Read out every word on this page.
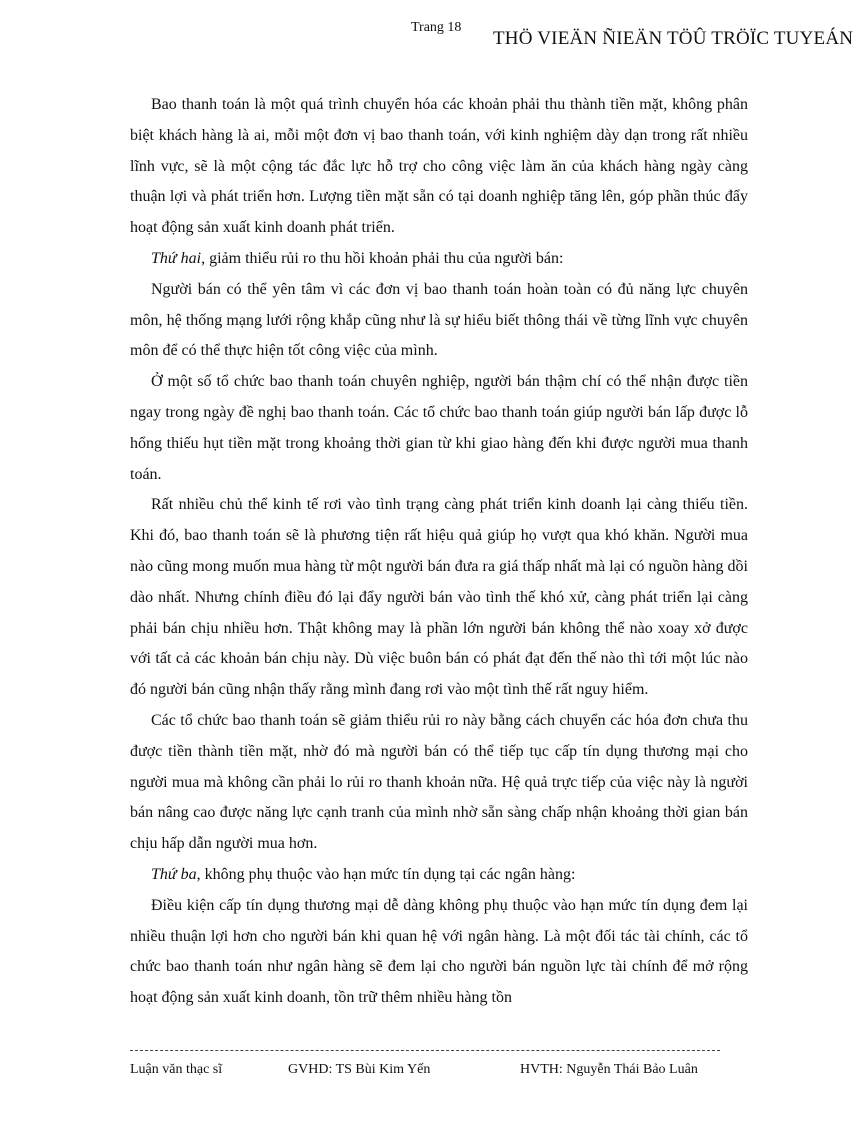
Trang 18
THÖ VIEÄN ÑIEÄN TÖÛ TRÖÏC TUYEÁN

Bao thanh toán là một quá trình chuyển hóa các khoản phải thu thành tiền mặt, không phân biệt khách hàng là ai, mỗi một đơn vị bao thanh toán, với kinh nghiệm dày dạn trong rất nhiều lĩnh vực, sẽ là một cộng tác đắc lực hỗ trợ cho công việc làm ăn của khách hàng ngày càng thuận lợi và phát triển hơn. Lượng tiền mặt sẵn có tại doanh nghiệp tăng lên, góp phần thúc đẩy hoạt động sản xuất kinh doanh phát triển.

Thứ hai, giảm thiểu rủi ro thu hồi khoản phải thu của người bán:

Người bán có thể yên tâm vì các đơn vị bao thanh toán hoàn toàn có đủ năng lực chuyên môn, hệ thống mạng lưới rộng khắp cũng như là sự hiểu biết thông thái về từng lĩnh vực chuyên môn để có thể thực hiện tốt công việc của mình.

Ở một số tổ chức bao thanh toán chuyên nghiệp, người bán thậm chí có thể nhận được tiền ngay trong ngày đề nghị bao thanh toán. Các tổ chức bao thanh toán giúp người bán lấp được lỗ hổng thiếu hụt tiền mặt trong khoảng thời gian từ khi giao hàng đến khi được người mua thanh toán.

Rất nhiều chủ thể kinh tế rơi vào tình trạng càng phát triển kinh doanh lại càng thiếu tiền. Khi đó, bao thanh toán sẽ là phương tiện rất hiệu quả giúp họ vượt qua khó khăn. Người mua nào cũng mong muốn mua hàng từ một người bán đưa ra giá thấp nhất mà lại có nguồn hàng dồi dào nhất. Nhưng chính điều đó lại đẩy người bán vào tình thế khó xử, càng phát triển lại càng phải bán chịu nhiều hơn. Thật không may là phần lớn người bán không thể nào xoay xở được với tất cả các khoản bán chịu này. Dù việc buôn bán có phát đạt đến thế nào thì tới một lúc nào đó người bán cũng nhận thấy rằng mình đang rơi vào một tình thế rất nguy hiểm.

Các tổ chức bao thanh toán sẽ giảm thiểu rủi ro này bằng cách chuyển các hóa đơn chưa thu được tiền thành tiền mặt, nhờ đó mà người bán có thể tiếp tục cấp tín dụng thương mại cho người mua mà không cần phải lo rủi ro thanh khoản nữa. Hệ quả trực tiếp của việc này là người bán nâng cao được năng lực cạnh tranh của mình nhờ sẵn sàng chấp nhận khoảng thời gian bán chịu hấp dẫn người mua hơn.

Thứ ba, không phụ thuộc vào hạn mức tín dụng tại các ngân hàng:

Điều kiện cấp tín dụng thương mại dễ dàng không phụ thuộc vào hạn mức tín dụng đem lại nhiều thuận lợi hơn cho người bán khi quan hệ với ngân hàng. Là một đối tác tài chính, các tổ chức bao thanh toán như ngân hàng sẽ đem lại cho người bán nguồn lực tài chính để mở rộng hoạt động sản xuất kinh doanh, tồn trữ thêm nhiều hàng tồn

Luận văn thạc sĩ	GVHD: TS Bùi Kim Yến	HVTH: Nguyễn Thái Bảo Luân
